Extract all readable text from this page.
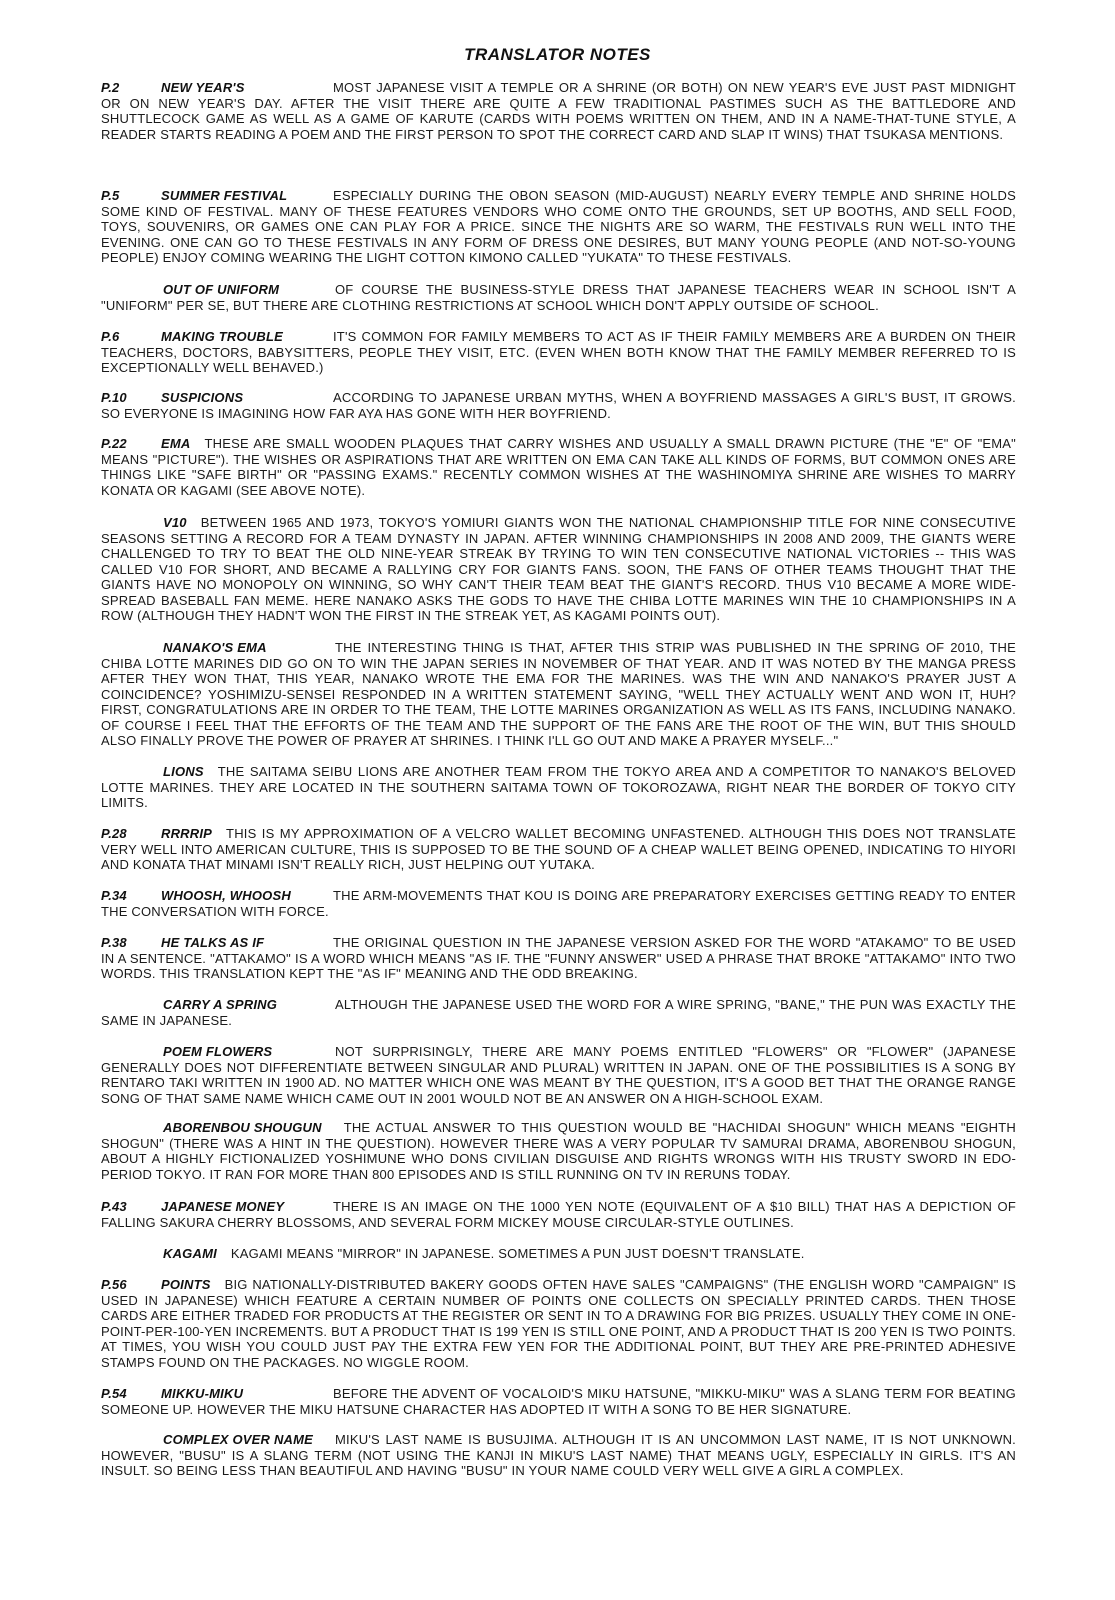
TRANSLATOR NOTES

P.2	NEW YEAR'S	MOST JAPANESE VISIT A TEMPLE OR A SHRINE (OR BOTH) ON NEW YEAR'S EVE JUST PAST MIDNIGHT OR ON NEW YEAR'S DAY. AFTER THE VISIT THERE ARE QUITE A FEW TRADITIONAL PASTIMES SUCH AS THE BATTLEDORE AND SHUTTLECOCK GAME AS WELL AS A GAME OF KARUTE (CARDS WITH POEMS WRITTEN ON THEM, AND IN A NAME-THAT-TUNE STYLE, A READER STARTS READING A POEM AND THE FIRST PERSON TO SPOT THE CORRECT CARD AND SLAP IT WINS) THAT TSUKASA MENTIONS.

P.5	SUMMER FESTIVAL	ESPECIALLY DURING THE OBON SEASON (MID-AUGUST) NEARLY EVERY TEMPLE AND SHRINE HOLDS SOME KIND OF FESTIVAL. MANY OF THESE FEATURES VENDORS WHO COME ONTO THE GROUNDS, SET UP BOOTHS, AND SELL FOOD, TOYS, SOUVENIRS, OR GAMES ONE CAN PLAY FOR A PRICE. SINCE THE NIGHTS ARE SO WARM, THE FESTIVALS RUN WELL INTO THE EVENING. ONE CAN GO TO THESE FESTIVALS IN ANY FORM OF DRESS ONE DESIRES, BUT MANY YOUNG PEOPLE (AND NOT-SO-YOUNG PEOPLE) ENJOY COMING WEARING THE LIGHT COTTON KIMONO CALLED "YUKATA" TO THESE FESTIVALS.

OUT OF UNIFORM	OF COURSE THE BUSINESS-STYLE DRESS THAT JAPANESE TEACHERS WEAR IN SCHOOL ISN'T A "UNIFORM" PER SE, BUT THERE ARE CLOTHING RESTRICTIONS AT SCHOOL WHICH DON'T APPLY OUTSIDE OF SCHOOL.

P.6	MAKING TROUBLE	IT'S COMMON FOR FAMILY MEMBERS TO ACT AS IF THEIR FAMILY MEMBERS ARE A BURDEN ON THEIR TEACHERS, DOCTORS, BABYSITTERS, PEOPLE THEY VISIT, ETC. (EVEN WHEN BOTH KNOW THAT THE FAMILY MEMBER REFERRED TO IS EXCEPTIONALLY WELL BEHAVED.)

P.10	SUSPICIONS	ACCORDING TO JAPANESE URBAN MYTHS, WHEN A BOYFRIEND MASSAGES A GIRL'S BUST, IT GROWS. SO EVERYONE IS IMAGINING HOW FAR AYA HAS GONE WITH HER BOYFRIEND.

P.22	EMA THESE ARE SMALL WOODEN PLAQUES THAT CARRY WISHES AND USUALLY A SMALL DRAWN PICTURE (THE "E" OF "EMA" MEANS "PICTURE"). THE WISHES OR ASPIRATIONS THAT ARE WRITTEN ON EMA CAN TAKE ALL KINDS OF FORMS, BUT COMMON ONES ARE THINGS LIKE "SAFE BIRTH" OR "PASSING EXAMS." RECENTLY COMMON WISHES AT THE WASHINOMIYA SHRINE ARE WISHES TO MARRY KONATA OR KAGAMI (SEE ABOVE NOTE).

V10 BETWEEN 1965 AND 1973, TOKYO'S YOMIURI GIANTS WON THE NATIONAL CHAMPIONSHIP TITLE FOR NINE CONSECUTIVE SEASONS SETTING A RECORD FOR A TEAM DYNASTY IN JAPAN. AFTER WINNING CHAMPIONSHIPS IN 2008 AND 2009, THE GIANTS WERE CHALLENGED TO TRY TO BEAT THE OLD NINE-YEAR STREAK BY TRYING TO WIN TEN CONSECUTIVE NATIONAL VICTORIES -- THIS WAS CALLED V10 FOR SHORT, AND BECAME A RALLYING CRY FOR GIANTS FANS. SOON, THE FANS OF OTHER TEAMS THOUGHT THAT THE GIANTS HAVE NO MONOPOLY ON WINNING, SO WHY CAN'T THEIR TEAM BEAT THE GIANT'S RECORD. THUS V10 BECAME A MORE WIDE-SPREAD BASEBALL FAN MEME. HERE NANAKO ASKS THE GODS TO HAVE THE CHIBA LOTTE MARINES WIN THE 10 CHAMPIONSHIPS IN A ROW (ALTHOUGH THEY HADN'T WON THE FIRST IN THE STREAK YET, AS KAGAMI POINTS OUT).

NANAKO'S EMA	THE INTERESTING THING IS THAT, AFTER THIS STRIP WAS PUBLISHED IN THE SPRING OF 2010, THE CHIBA LOTTE MARINES DID GO ON TO WIN THE JAPAN SERIES IN NOVEMBER OF THAT YEAR. AND IT WAS NOTED BY THE MANGA PRESS AFTER THEY WON THAT, THIS YEAR, NANAKO WROTE THE EMA FOR THE MARINES. WAS THE WIN AND NANAKO'S PRAYER JUST A COINCIDENCE? YOSHIMIZU-SENSEI RESPONDED IN A WRITTEN STATEMENT SAYING, "WELL THEY ACTUALLY WENT AND WON IT, HUH? FIRST, CONGRATULATIONS ARE IN ORDER TO THE TEAM, THE LOTTE MARINES ORGANIZATION AS WELL AS ITS FANS, INCLUDING NANAKO. OF COURSE I FEEL THAT THE EFFORTS OF THE TEAM AND THE SUPPORT OF THE FANS ARE THE ROOT OF THE WIN, BUT THIS SHOULD ALSO FINALLY PROVE THE POWER OF PRAYER AT SHRINES. I THINK I'LL GO OUT AND MAKE A PRAYER MYSELF..."

LIONS THE SAITAMA SEIBU LIONS ARE ANOTHER TEAM FROM THE TOKYO AREA AND A COMPETITOR TO NANAKO'S BELOVED LOTTE MARINES. THEY ARE LOCATED IN THE SOUTHERN SAITAMA TOWN OF TOKOROZAWA, RIGHT NEAR THE BORDER OF TOKYO CITY LIMITS.

P.28	RRRRIP THIS IS MY APPROXIMATION OF A VELCRO WALLET BECOMING UNFASTENED. ALTHOUGH THIS DOES NOT TRANSLATE VERY WELL INTO AMERICAN CULTURE, THIS IS SUPPOSED TO BE THE SOUND OF A CHEAP WALLET BEING OPENED, INDICATING TO HIYORI AND KONATA THAT MINAMI ISN'T REALLY RICH, JUST HELPING OUT YUTAKA.

P.34	WHOOSH, WHOOSH	THE ARM-MOVEMENTS THAT KOU IS DOING ARE PREPARATORY EXERCISES GETTING READY TO ENTER THE CONVERSATION WITH FORCE.

P.38	HE TALKS AS IF	THE ORIGINAL QUESTION IN THE JAPANESE VERSION ASKED FOR THE WORD "ATAKAMO" TO BE USED IN A SENTENCE. "ATTAKAMO" IS A WORD WHICH MEANS "AS IF. THE "FUNNY ANSWER" USED A PHRASE THAT BROKE "ATTAKAMO" INTO TWO WORDS. THIS TRANSLATION KEPT THE "AS IF" MEANING AND THE ODD BREAKING.

CARRY A SPRING	ALTHOUGH THE JAPANESE USED THE WORD FOR A WIRE SPRING, "BANE," THE PUN WAS EXACTLY THE SAME IN JAPANESE.

POEM FLOWERS	NOT SURPRISINGLY, THERE ARE MANY POEMS ENTITLED "FLOWERS" OR "FLOWER" (JAPANESE GENERALLY DOES NOT DIFFERENTIATE BETWEEN SINGULAR AND PLURAL) WRITTEN IN JAPAN. ONE OF THE POSSIBILITIES IS A SONG BY RENTARO TAKI WRITTEN IN 1900 AD. NO MATTER WHICH ONE WAS MEANT BY THE QUESTION, IT'S A GOOD BET THAT THE ORANGE RANGE SONG OF THAT SAME NAME WHICH CAME OUT IN 2001 WOULD NOT BE AN ANSWER ON A HIGH-SCHOOL EXAM.

ABORENBOU SHOUGUN THE ACTUAL ANSWER TO THIS QUESTION WOULD BE "HACHIDAI SHOGUN" WHICH MEANS "EIGHTH SHOGUN" (THERE WAS A HINT IN THE QUESTION). HOWEVER THERE WAS A VERY POPULAR TV SAMURAI DRAMA, ABORENBOU SHOGUN, ABOUT A HIGHLY FICTIONALIZED YOSHIMUNE WHO DONS CIVILIAN DISGUISE AND RIGHTS WRONGS WITH HIS TRUSTY SWORD IN EDO-PERIOD TOKYO. IT RAN FOR MORE THAN 800 EPISODES AND IS STILL RUNNING ON TV IN RERUNS TODAY.

P.43	JAPANESE MONEY	THERE IS AN IMAGE ON THE 1000 YEN NOTE (EQUIVALENT OF A $10 BILL) THAT HAS A DEPICTION OF FALLING SAKURA CHERRY BLOSSOMS, AND SEVERAL FORM MICKEY MOUSE CIRCULAR-STYLE OUTLINES.

KAGAMI KAGAMI MEANS "MIRROR" IN JAPANESE. SOMETIMES A PUN JUST DOESN'T TRANSLATE.

P.56	POINTS BIG NATIONALLY-DISTRIBUTED BAKERY GOODS OFTEN HAVE SALES "CAMPAIGNS" (THE ENGLISH WORD "CAMPAIGN" IS USED IN JAPANESE) WHICH FEATURE A CERTAIN NUMBER OF POINTS ONE COLLECTS ON SPECIALLY PRINTED CARDS. THEN THOSE CARDS ARE EITHER TRADED FOR PRODUCTS AT THE REGISTER OR SENT IN TO A DRAWING FOR BIG PRIZES. USUALLY THEY COME IN ONE-POINT-PER-100-YEN INCREMENTS. BUT A PRODUCT THAT IS 199 YEN IS STILL ONE POINT, AND A PRODUCT THAT IS 200 YEN IS TWO POINTS. AT TIMES, YOU WISH YOU COULD JUST PAY THE EXTRA FEW YEN FOR THE ADDITIONAL POINT, BUT THEY ARE PRE-PRINTED ADHESIVE STAMPS FOUND ON THE PACKAGES. NO WIGGLE ROOM.

P.54	MIKKU-MIKU	BEFORE THE ADVENT OF VOCALOID'S MIKU HATSUNE, "MIKKU-MIKU" WAS A SLANG TERM FOR BEATING SOMEONE UP. HOWEVER THE MIKU HATSUNE CHARACTER HAS ADOPTED IT WITH A SONG TO BE HER SIGNATURE.

COMPLEX OVER NAME MIKU'S LAST NAME IS BUSUJIMA. ALTHOUGH IT IS AN UNCOMMON LAST NAME, IT IS NOT UNKNOWN. HOWEVER, "BUSU" IS A SLANG TERM (NOT USING THE KANJI IN MIKU'S LAST NAME) THAT MEANS UGLY, ESPECIALLY IN GIRLS. IT'S AN INSULT. SO BEING LESS THAN BEAUTIFUL AND HAVING "BUSU" IN YOUR NAME COULD VERY WELL GIVE A GIRL A COMPLEX.
